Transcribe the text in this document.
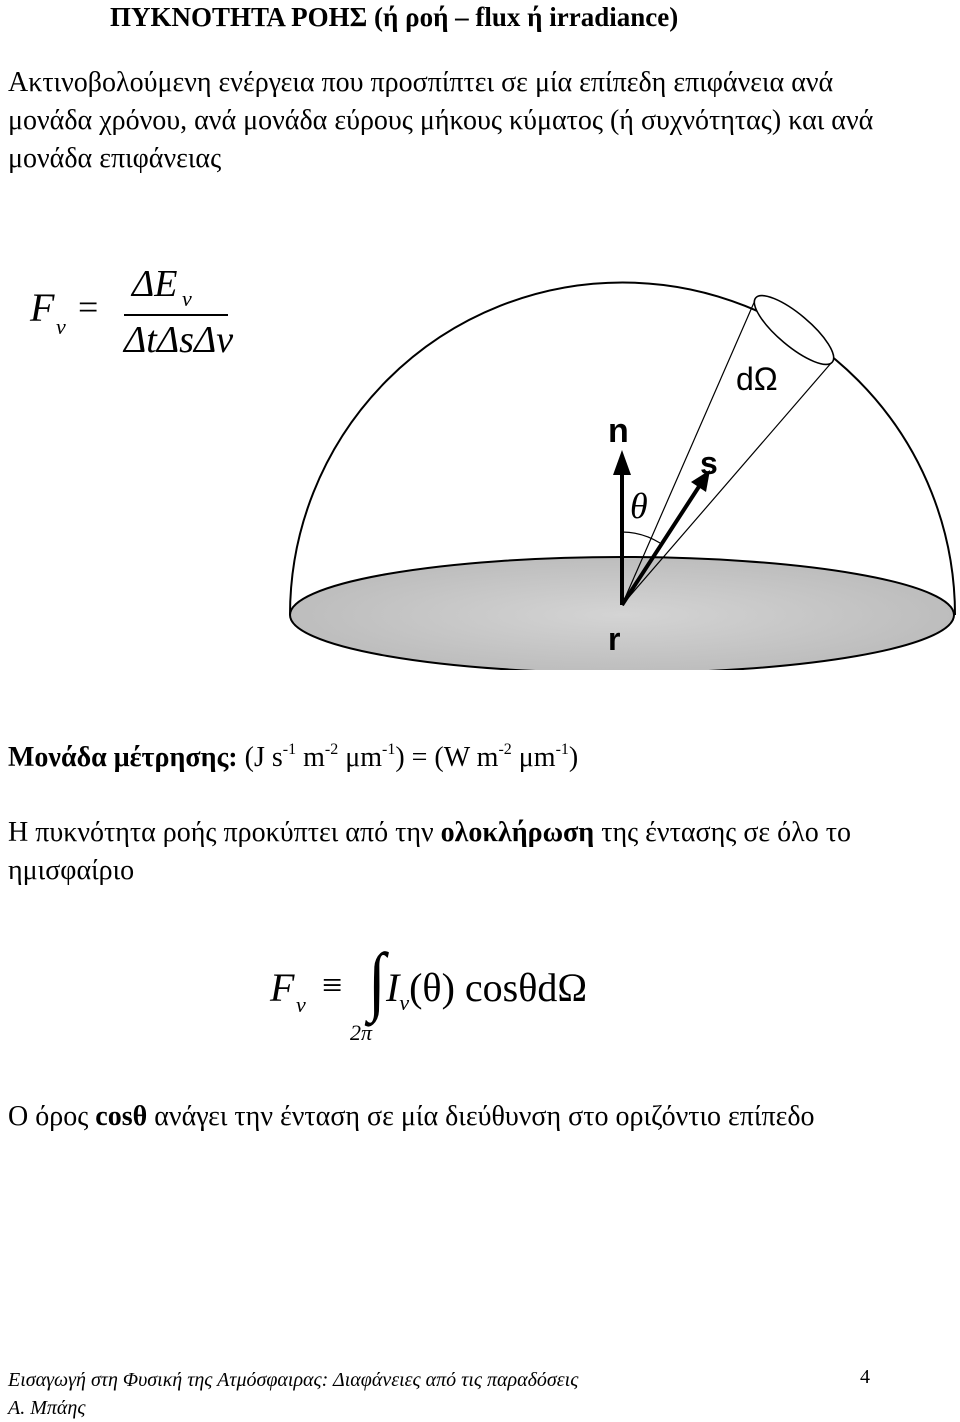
ΠΥΚΝΟΤΗΤΑ ΡΟΗΣ (ή ροή – flux ή irradiance)
Ακτινοβολούμενη ενέργεια που προσπίπτει σε μία επίπεδη επιφάνεια ανά μονάδα χρόνου, ανά μονάδα εύρους μήκους κύματος (ή συχνότητας) και ανά μονάδα επιφάνειας
F ν =
ΔE ν
ΔtΔsΔν
n
s
θ
dΩ
r
Μονάδα μέτρησης: (J $s^{-1}$ $m^{-2}$ $\mu m^{-1}) = (W$ $m^{-2}$ $\mu m^{-1}$)
Η πυκνότητα ροής προκύπτει από την ολοκλήρωση της έντασης σε όλο το ημισφαίριο
F ν ≡ ∫ $I_\nu(\theta)$ cosθdΩ
2π
Ο όρος cosθ ανάγει την ένταση σε μία διεύθυνση στο οριζόντιο επίπεδο
Εισαγωγή στη Φυσική της Ατμόσφαιρας: Διαφάνειες από τις παραδόσεις
Α. Μπάης
4
